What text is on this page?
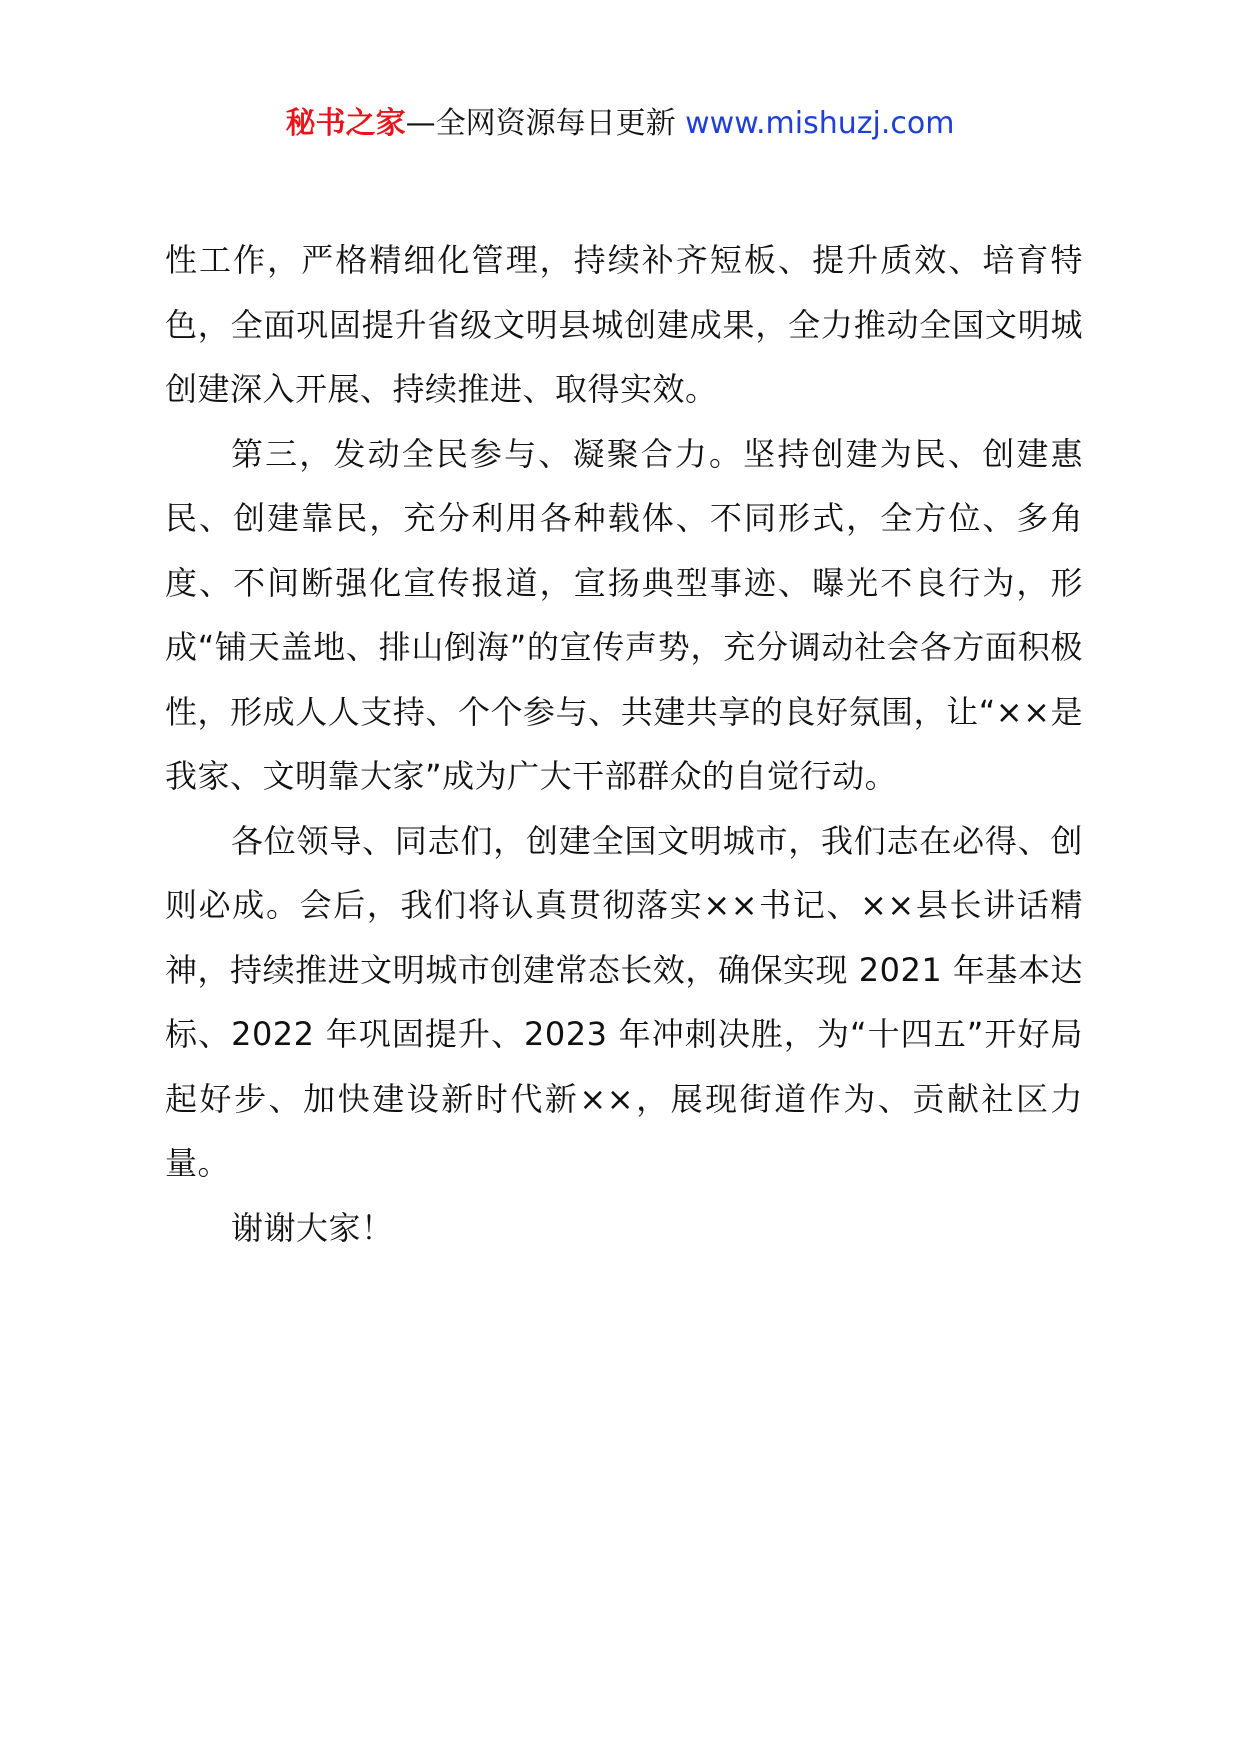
秘书之家—全网资源每日更新 www.mishuzj.com

性工作，严格精细化管理，持续补齐短板、提升质效、培育特色，全面巩固提升省级文明县城创建成果，全力推动全国文明城创建深入开展、持续推进、取得实效。

第三，发动全民参与、凝聚合力。坚持创建为民、创建惠民、创建靠民，充分利用各种载体、不同形式，全方位、多角度、不间断强化宣传报道，宣扬典型事迹、曝光不良行为，形成“铺天盖地、排山倒海”的宣传声势，充分调动社会各方面积极性，形成人人支持、个个参与、共建共享的良好氛围，让“××是我家、文明靠大家”成为广大干部群众的自觉行动。

各位领导、同志们，创建全国文明城市，我们志在必得、创则必成。会后，我们将认真贯彻落实××书记、××县长讲话精神，持续推进文明城市创建常态长效，确保实现 2021 年基本达标、2022 年巩固提升、2023 年冲刺决胜，为“十四五”开好局起好步、加快建设新时代新××，展现街道作为、贡献社区力量。

谢谢大家！
